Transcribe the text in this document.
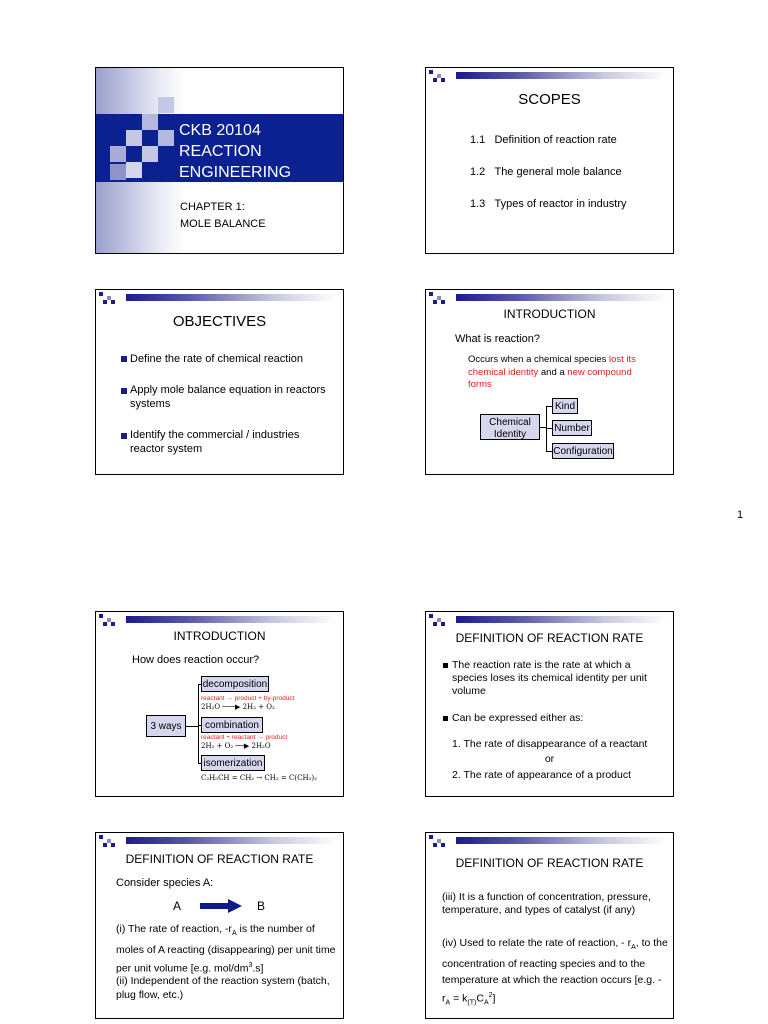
CKB 20104
REACTION
ENGINEERING
CHAPTER 1:
MOLE BALANCE
SCOPES
1.1 Definition of reaction rate
1.2 The general mole balance
1.3 Types of reactor in industry
OBJECTIVES
Define the rate of chemical reaction
Apply mole balance equation in reactors systems
Identify the commercial / industries reactor system
INTRODUCTION
What is reaction?
Occurs when a chemical species lost its chemical identity and a new compound forms
Chemical Identity
Kind
Number
Configuration
1
INTRODUCTION
How does reaction occur?
3 ways
decomposition
reactant → product + by-product
2H₂O ───▶ 2H₂ + O₂
combination
reactant + reactant → product
2H₂ + O₂ ──▶ 2H₂O
isomerization
C₂H₅CH = CH₂ → CH₂ = C(CH₃)₂
DEFINITION OF REACTION RATE
The reaction rate is the rate at which a species loses its chemical identity per unit volume
Can be expressed either as:
1. The rate of disappearance of a reactant
or
2. The rate of appearance of a product
DEFINITION OF REACTION RATE
Consider species A:
A → B
(i) The rate of reaction, $-r_A$ is the number of moles of A reacting (disappearing) per unit time per unit volume [e.g. mol/$dm^3.s$]
(ii) Independent of the reaction system (batch, plug flow, etc.)
DEFINITION OF REACTION RATE
(iii) It is a function of concentration, pressure, temperature, and types of catalyst (if any)
(iv) Used to relate the rate of reaction, - $r_A$, to the concentration of reacting species and to the temperature at which the reaction occurs [e.g. $-r_A = k_{(T)}C_A^2$]
